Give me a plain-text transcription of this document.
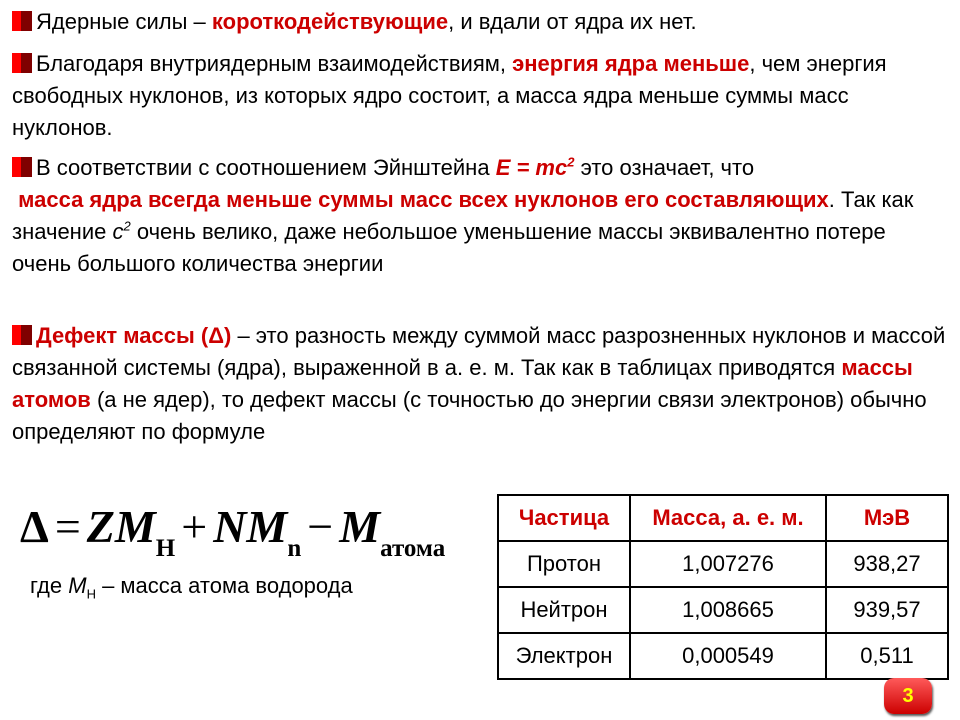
Ядерные силы – короткодействующие, и вдали от ядра их нет.
Благодаря внутриядерным взаимодействиям, энергия ядра меньше, чем энергия свободных нуклонов, из которых ядро состоит, а масса ядра меньше суммы масс нуклонов.
В соответствии с соотношением Эйнштейна $E = mc^2$ это означает, что
масса ядра всегда меньше суммы масс всех нуклонов его составляющих. Так как значение $c^2$ очень велико, даже небольшое уменьшение массы эквивалентно потере очень большого количества энергии
Дефект массы (Δ) – это разность между суммой масс разрозненных нуклонов и массой связанной системы (ядра), выраженной в а. е. м. Так как в таблицах приводятся массы атомов (а не ядер), то дефект массы (с точностью до энергии связи электронов) обычно определяют по формуле
$\Delta = ZM_H + NM_n - M_{атома}$
где $M_Н$ – масса атома водорода
Частица	Масса, а. е. м.	МэВ
Протон	1,007276	938,27
Нейтрон	1,008665	939,57
Электрон	0,000549	0,511
3
